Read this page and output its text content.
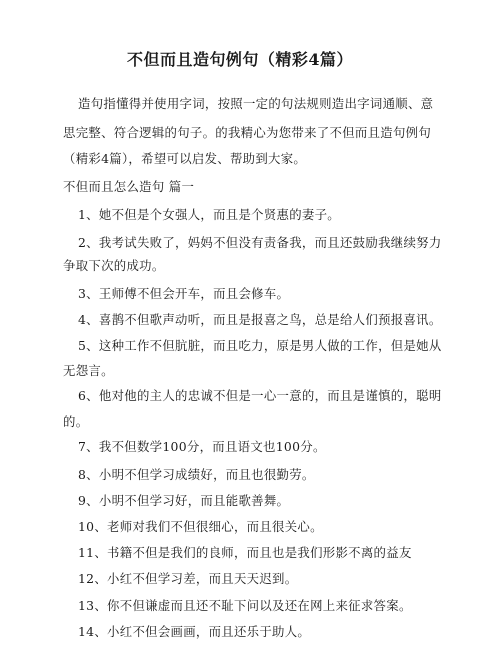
不但而且造句例句（精彩4篇）
造句指懂得并使用字词，按照一定的句法规则造出字词通顺、意
思完整、符合逻辑的句子。的我精心为您带来了不但而且造句例句
（精彩4篇），希望可以启发、帮助到大家。
不但而且怎么造句 篇一
1、她不但是个女强人，而且是个贤惠的妻子。
2、我考试失败了，妈妈不但没有责备我，而且还鼓励我继续努力
争取下次的成功。
3、王师傅不但会开车，而且会修车。
4、喜鹊不但歌声动听，而且是报喜之鸟，总是给人们预报喜讯。
5、这种工作不但肮脏，而且吃力，原是男人做的工作，但是她从
无怨言。
6、他对他的主人的忠诚不但是一心一意的，而且是谨慎的，聪明
的。
7、我不但数学100分，而且语文也100分。
8、小明不但学习成绩好，而且也很勤劳。
9、小明不但学习好，而且能歌善舞。
10、老师对我们不但很细心，而且很关心。
11、书籍不但是我们的良师，而且也是我们形影不离的益友
12、小红不但学习差，而且天天迟到。
13、你不但谦虚而且还不耻下问以及还在网上来征求答案。
14、小红不但会画画，而且还乐于助人。
